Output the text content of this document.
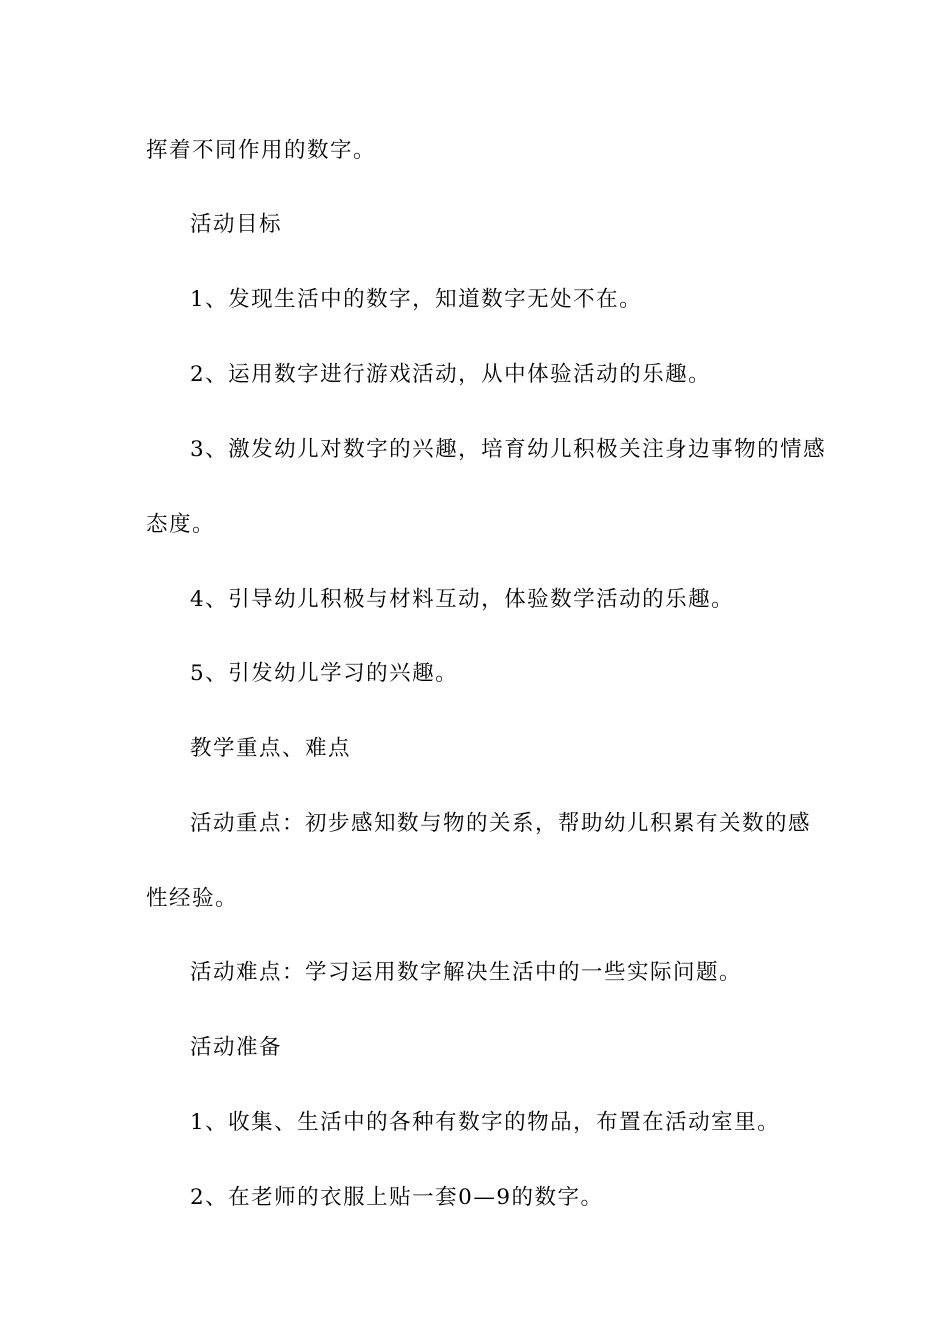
挥着不同作用的数字。
活动目标
1、发现生活中的数字，知道数字无处不在。
2、运用数字进行游戏活动，从中体验活动的乐趣。
3、激发幼儿对数字的兴趣，培育幼儿积极关注身边事物的情感
态度。
4、引导幼儿积极与材料互动，体验数学活动的乐趣。
5、引发幼儿学习的兴趣。
教学重点、难点
活动重点：初步感知数与物的关系，帮助幼儿积累有关数的感
性经验。
活动难点：学习运用数字解决生活中的一些实际问题。
活动准备
1、收集、生活中的各种有数字的物品，布置在活动室里。
2、在老师的衣服上贴一套0—9的数字。
